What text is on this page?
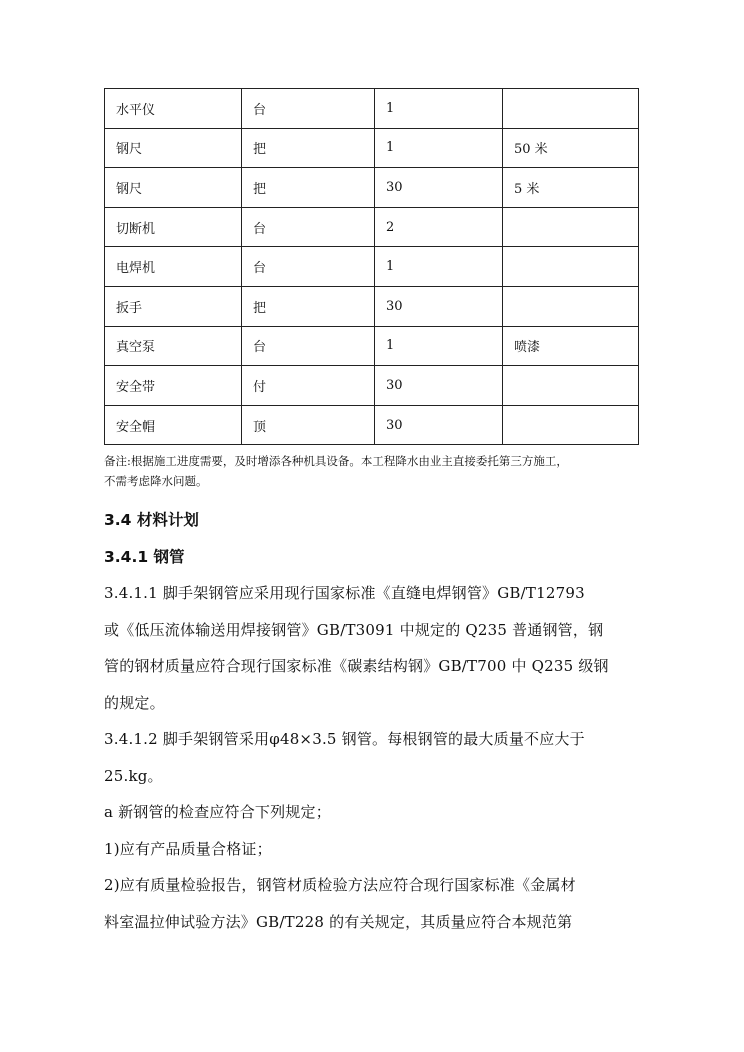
水平仪	台	1	
钢尺	把	1	50 米
钢尺	把	30	5 米
切断机	台	2	
电焊机	台	1	
扳手	把	30	
真空泵	台	1	喷漆
安全带	付	30	
安全帽	顶	30	
备注:根据施工进度需要，及时增添各种机具设备。本工程降水由业主直接委托第三方施工，
不需考虑降水问题。
3.4 材料计划
3.4.1 钢管
3.4.1.1 脚手架钢管应采用现行国家标准《直缝电焊钢管》GB/T12793
或《低压流体输送用焊接钢管》GB/T3091 中规定的 Q235 普通钢管，钢
管的钢材质量应符合现行国家标准《碳素结构钢》GB/T700 中 Q235 级钢
的规定。
3.4.1.2 脚手架钢管采用φ48×3.5 钢管。每根钢管的最大质量不应大于
25.kg。
a 新钢管的检查应符合下列规定；
1)应有产品质量合格证；
2)应有质量检验报告，钢管材质检验方法应符合现行国家标准《金属材
料室温拉伸试验方法》GB/T228 的有关规定，其质量应符合本规范第
